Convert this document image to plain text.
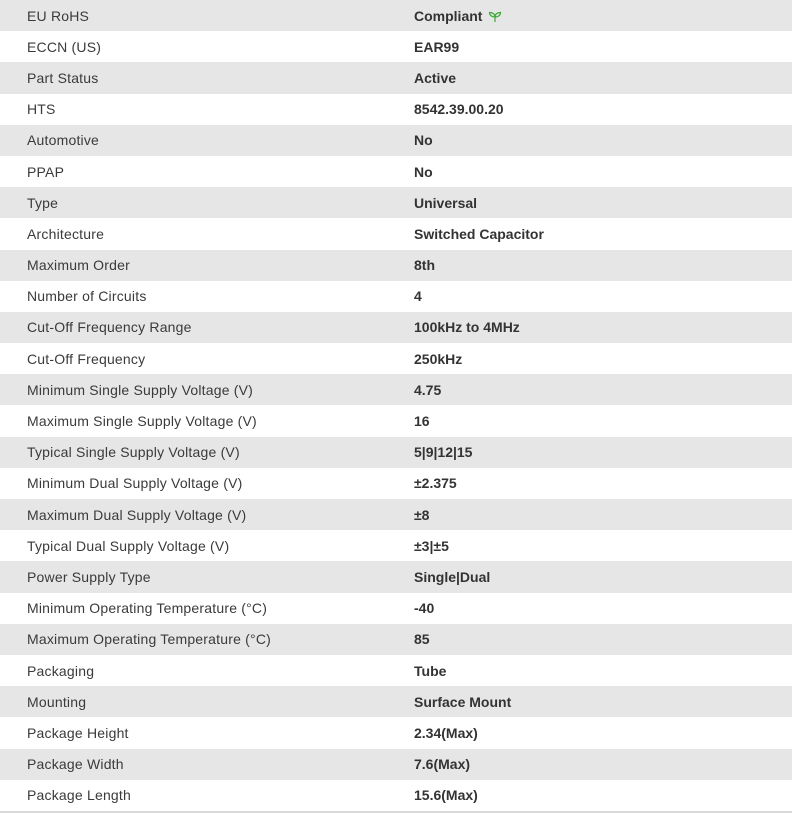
EU RoHS	Compliant
ECCN (US)	EAR99
Part Status	Active
HTS	8542.39.00.20
Automotive	No
PPAP	No
Type	Universal
Architecture	Switched Capacitor
Maximum Order	8th
Number of Circuits	4
Cut-Off Frequency Range	100kHz to 4MHz
Cut-Off Frequency	250kHz
Minimum Single Supply Voltage (V)	4.75
Maximum Single Supply Voltage (V)	16
Typical Single Supply Voltage (V)	5|9|12|15
Minimum Dual Supply Voltage (V)	±2.375
Maximum Dual Supply Voltage (V)	±8
Typical Dual Supply Voltage (V)	±3|±5
Power Supply Type	Single|Dual
Minimum Operating Temperature (°C)	-40
Maximum Operating Temperature (°C)	85
Packaging	Tube
Mounting	Surface Mount
Package Height	2.34(Max)
Package Width	7.6(Max)
Package Length	15.6(Max)
